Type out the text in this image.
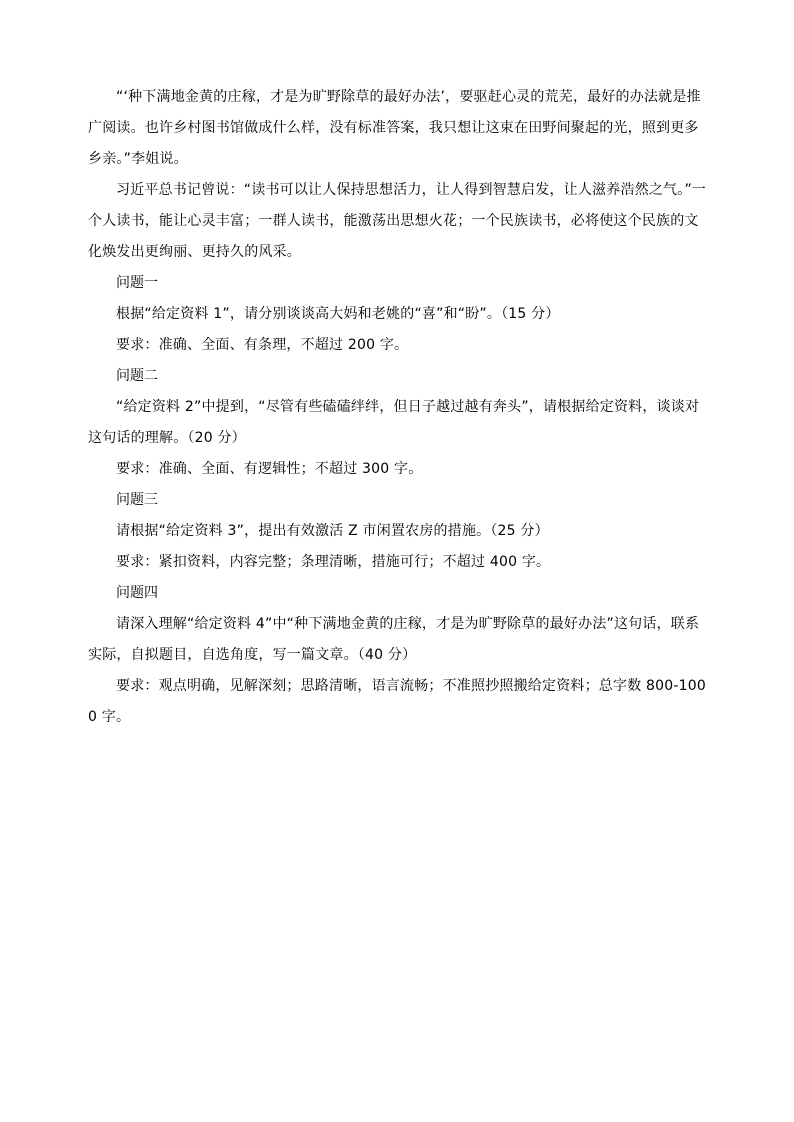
“‘种下满地金黄的庄稼，才是为旷野除草的最好办法’，要驱赶心灵的荒芜，最好的办法就是推广阅读。也许乡村图书馆做成什么样，没有标准答案，我只想让这束在田野间聚起的光，照到更多乡亲。”李姐说。

习近平总书记曾说：“读书可以让人保持思想活力，让人得到智慧启发，让人滋养浩然之气。”一个人读书，能让心灵丰富；一群人读书，能激荡出思想火花；一个民族读书，必将使这个民族的文化焕发出更绚丽、更持久的风采。

问题一

根据“给定资料 1”，请分别谈谈高大妈和老姚的“喜”和“盼”。（15 分）

要求：准确、全面、有条理，不超过 200 字。

问题二

“给定资料 2”中提到，“尽管有些磕磕绊绊，但日子越过越有奔头”，请根据给定资料，谈谈对这句话的理解。（20 分）

要求：准确、全面、有逻辑性；不超过 300 字。

问题三

请根据“给定资料 3”，提出有效激活 Z 市闲置农房的措施。（25 分）

要求：紧扣资料，内容完整；条理清晰，措施可行；不超过 400 字。

问题四

请深入理解“给定资料 4”中“种下满地金黄的庄稼，才是为旷野除草的最好办法”这句话，联系实际，自拟题目，自选角度，写一篇文章。（40 分）

要求：观点明确，见解深刻；思路清晰，语言流畅；不准照抄照搬给定资料；总字数 800-1000 字。
